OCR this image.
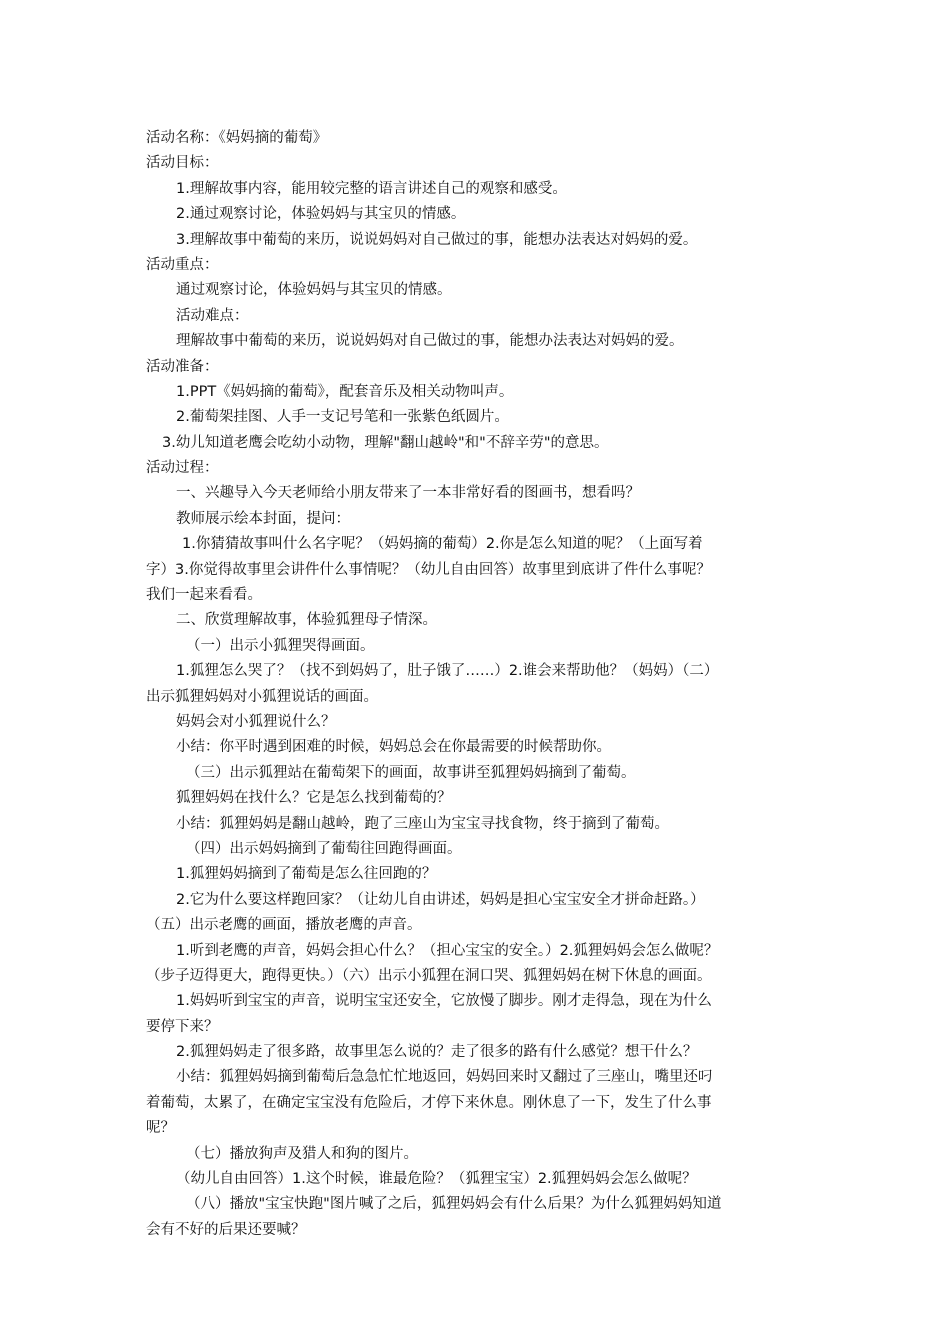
活动名称：《妈妈摘的葡萄》
活动目标：
1.理解故事内容，能用较完整的语言讲述自己的观察和感受。
2.通过观察讨论，体验妈妈与其宝贝的情感。
3.理解故事中葡萄的来历，说说妈妈对自己做过的事，能想办法表达对妈妈的爱。
活动重点：
通过观察讨论，体验妈妈与其宝贝的情感。
活动难点：
理解故事中葡萄的来历，说说妈妈对自己做过的事，能想办法表达对妈妈的爱。
活动准备：
1.PPT《妈妈摘的葡萄》，配套音乐及相关动物叫声。
2.葡萄架挂图、人手一支记号笔和一张紫色纸圆片。
3.幼儿知道老鹰会吃幼小动物，理解"翻山越岭"和"不辞辛劳"的意思。
活动过程：
一、兴趣导入今天老师给小朋友带来了一本非常好看的图画书，想看吗？
教师展示绘本封面，提问：
1.你猜猜故事叫什么名字呢？（妈妈摘的葡萄）2.你是怎么知道的呢？（上面写着
字）3.你觉得故事里会讲件什么事情呢？（幼儿自由回答）故事里到底讲了件什么事呢？
我们一起来看看。
二、欣赏理解故事，体验狐狸母子情深。
（一）出示小狐狸哭得画面。
1.狐狸怎么哭了？（找不到妈妈了，肚子饿了……）2.谁会来帮助他？（妈妈）（二）
出示狐狸妈妈对小狐狸说话的画面。
妈妈会对小狐狸说什么？
小结：你平时遇到困难的时候，妈妈总会在你最需要的时候帮助你。
（三）出示狐狸站在葡萄架下的画面，故事讲至狐狸妈妈摘到了葡萄。
狐狸妈妈在找什么？它是怎么找到葡萄的？
小结：狐狸妈妈是翻山越岭，跑了三座山为宝宝寻找食物，终于摘到了葡萄。
（四）出示妈妈摘到了葡萄往回跑得画面。
1.狐狸妈妈摘到了葡萄是怎么往回跑的？
2.它为什么要这样跑回家？（让幼儿自由讲述，妈妈是担心宝宝安全才拼命赶路。）
（五）出示老鹰的画面，播放老鹰的声音。
1.听到老鹰的声音，妈妈会担心什么？（担心宝宝的安全。）2.狐狸妈妈会怎么做呢？
（步子迈得更大，跑得更快。）（六）出示小狐狸在洞口哭、狐狸妈妈在树下休息的画面。
1.妈妈听到宝宝的声音，说明宝宝还安全，它放慢了脚步。刚才走得急，现在为什么
要停下来？
2.狐狸妈妈走了很多路，故事里怎么说的？走了很多的路有什么感觉？想干什么？
小结：狐狸妈妈摘到葡萄后急急忙忙地返回，妈妈回来时又翻过了三座山，嘴里还叼
着葡萄，太累了，在确定宝宝没有危险后，才停下来休息。刚休息了一下，发生了什么事
呢？
（七）播放狗声及猎人和狗的图片。
（幼儿自由回答）1.这个时候，谁最危险？（狐狸宝宝）2.狐狸妈妈会怎么做呢？
（八）播放"宝宝快跑"图片喊了之后，狐狸妈妈会有什么后果？为什么狐狸妈妈知道
会有不好的后果还要喊？
